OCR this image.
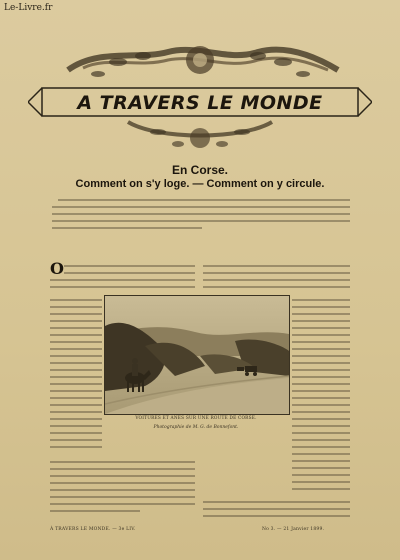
Le-Livre.fr
A TRAVERS LE MONDE
En Corse.
Comment on s'y loge. — Comment on y circule.
O
VOITURES ET ANES SUR UNE ROUTE DE CORSE.
Photographie de M. G. de Bonnefont.
À TRAVERS LE MONDE. — 3e LIV.	No 3. — 21 Janvier 1899.
